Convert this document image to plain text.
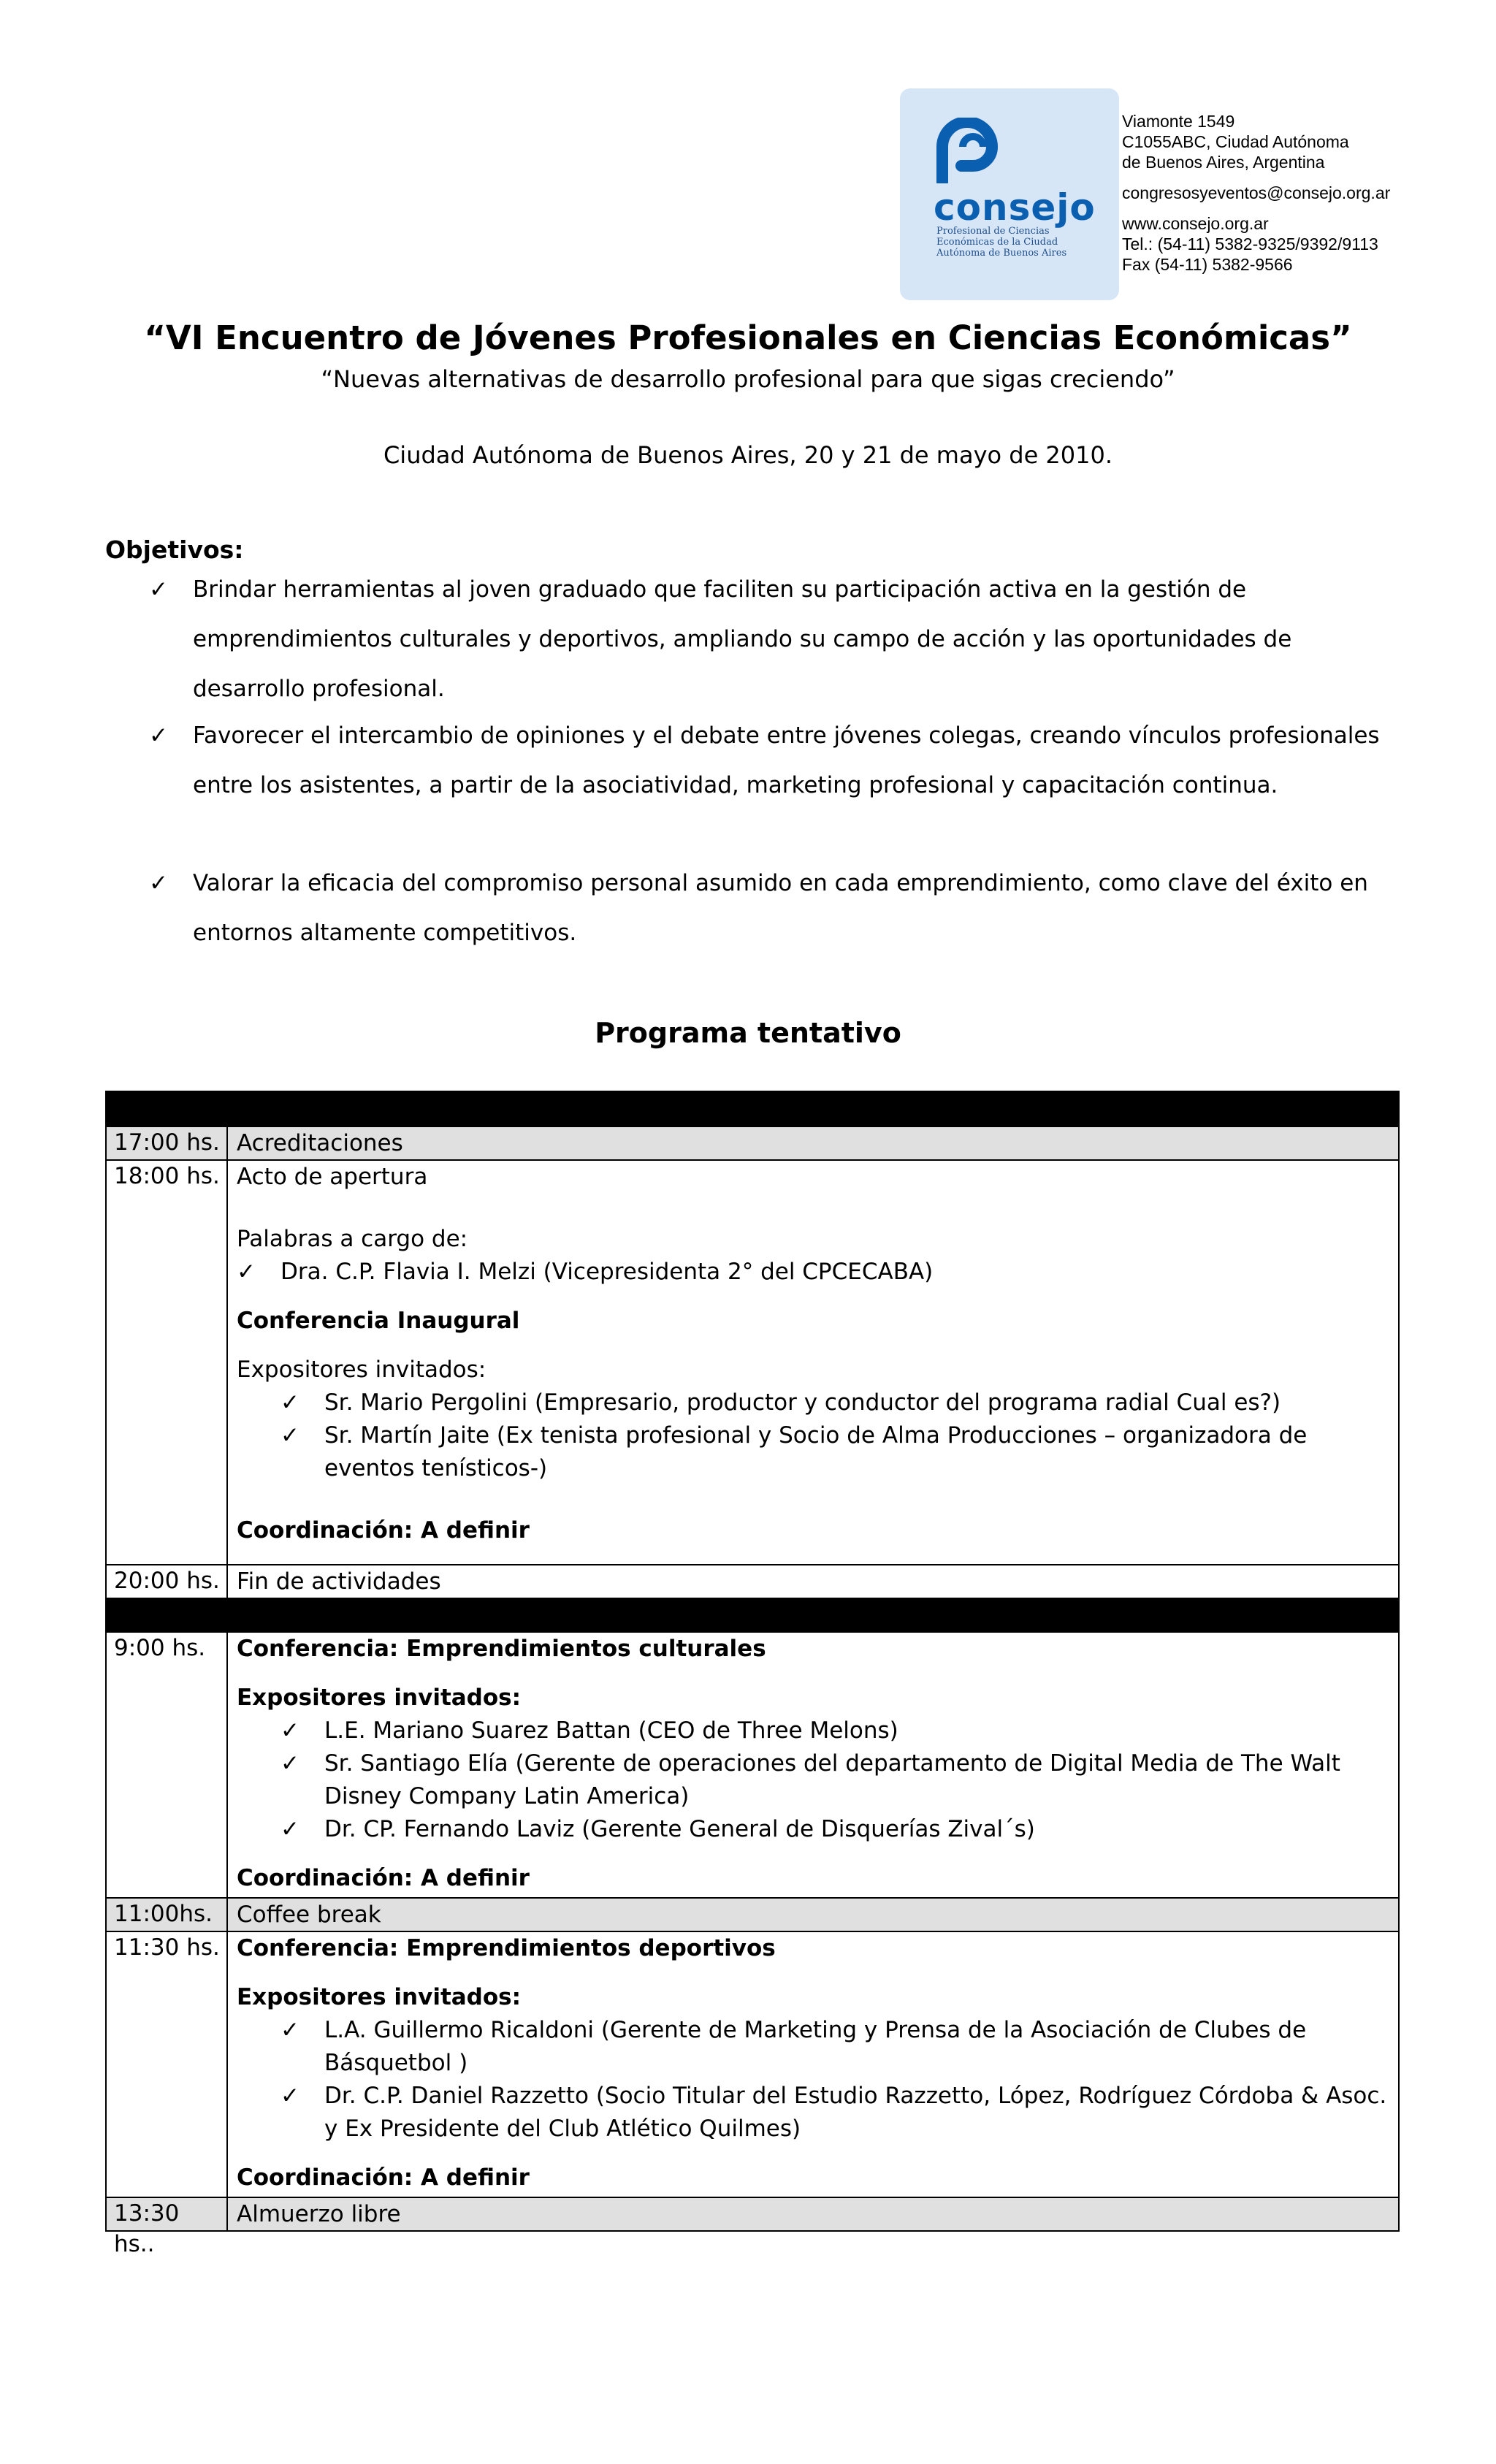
consejo
Profesional de Ciencias
Económicas de la Ciudad
Autónoma de Buenos Aires
Viamonte 1549
C1055ABC, Ciudad Autónoma
de Buenos Aires, Argentina
congresosyeventos@consejo.org.ar
www.consejo.org.ar
Tel.: (54-11) 5382-9325/9392/9113
Fax (54-11) 5382-9566
“VI Encuentro de Jóvenes Profesionales en Ciencias Económicas”
“Nuevas alternativas de desarrollo profesional para que sigas creciendo”
Ciudad Autónoma de Buenos Aires, 20 y 21 de mayo de 2010.
Objetivos:
✓ Brindar herramientas al joven graduado que faciliten su participación activa en la gestión de emprendimientos culturales y deportivos, ampliando su campo de acción y las oportunidades de desarrollo profesional.
✓ Favorecer el intercambio de opiniones y el debate entre jóvenes colegas, creando vínculos profesionales entre los asistentes, a partir de la asociatividad, marketing profesional y capacitación continua.
✓ Valorar la eficacia del compromiso personal asumido en cada emprendimiento, como clave del éxito en entornos altamente competitivos.
Programa tentativo
17:00 hs. Acreditaciones
18:00 hs. Acto de apertura
Palabras a cargo de:
✓ Dra. C.P. Flavia I. Melzi (Vicepresidenta 2° del CPCECABA)
Conferencia Inaugural
Expositores invitados:
✓ Sr. Mario Pergolini (Empresario, productor y conductor del programa radial Cual es?)
✓ Sr. Martín Jaite (Ex tenista profesional y Socio de Alma Producciones – organizadora de eventos tenísticos-)
Coordinación: A definir
20:00 hs. Fin de actividades
9:00 hs.	Conferencia: Emprendimientos culturales
Expositores invitados:
✓ L.E. Mariano Suarez Battan (CEO de Three Melons)
✓ Sr. Santiago Elía (Gerente de operaciones del departamento de Digital Media de The Walt Disney Company Latin America)
✓ Dr. CP. Fernando Laviz (Gerente General de Disquerías Zival´s)
Coordinación: A definir
11:00hs.	Coffee break
11:30 hs. Conferencia: Emprendimientos deportivos
Expositores invitados:
✓ L.A. Guillermo Ricaldoni (Gerente de Marketing y Prensa de la Asociación de Clubes de Básquetbol )
✓ Dr. C.P. Daniel Razzetto (Socio Titular del Estudio Razzetto, López, Rodríguez Córdoba & Asoc. y Ex Presidente del Club Atlético Quilmes)
Coordinación: A definir
13:30 hs..
Almuerzo libre
